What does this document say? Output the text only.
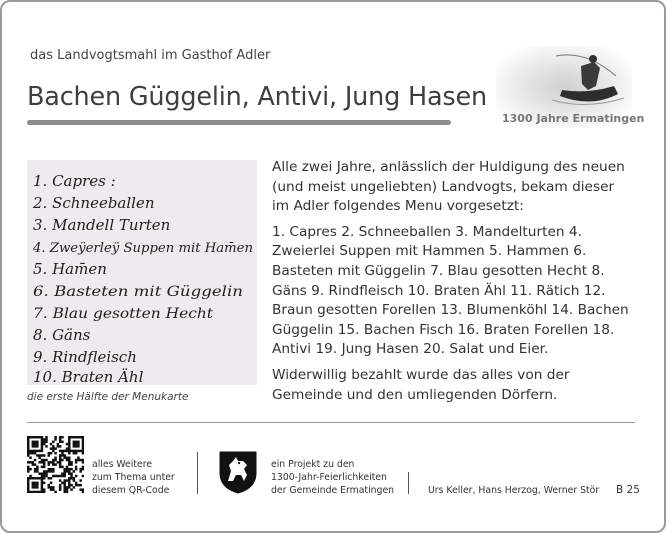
das Landvogtsmahl im Gasthof Adler
Bachen Güggelin, Antivi, Jung Hasen
1300 Jahre Ermatingen
1. Capres :
2. Schneeballen
3. Mandell Turten
4. Zweÿerleÿ Suppen mit Ham̄en
5. Ham̄en
6. Basteten mit Güggelin
7. Blau gesotten Hecht
8. Gäns
9. Rindfleisch
10. Braten Ähl
die erste Hälfte der Menukarte

Alle zwei Jahre, anlässlich der Huldigung des neuen (und meist ungeliebten) Landvogts, bekam dieser im Adler folgendes Menu vorgesetzt:

1. Capres 2. Schneeballen 3. Mandelturten 4. Zweierlei Suppen mit Hammen 5. Hammen 6. Basteten mit Güggelin 7. Blau gesotten Hecht 8. Gäns 9. Rindfleisch 10. Braten Ähl 11. Rätich 12. Braun gesotten Forellen 13. Blumenköhl 14. Bachen Güggelin 15. Bachen Fisch 16. Braten Forellen 18. Antivi 19. Jung Hasen 20. Salat und Eier.

Widerwillig bezahlt wurde das alles von der Gemeinde und den umliegenden Dörfern.

alles Weitere
zum Thema unter
diesem QR-Code
ein Projekt zu den
1300-Jahr-Feierlichkeiten
der Gemeinde Ermatingen	Urs Keller, Hans Herzog, Werner Stör B 25
